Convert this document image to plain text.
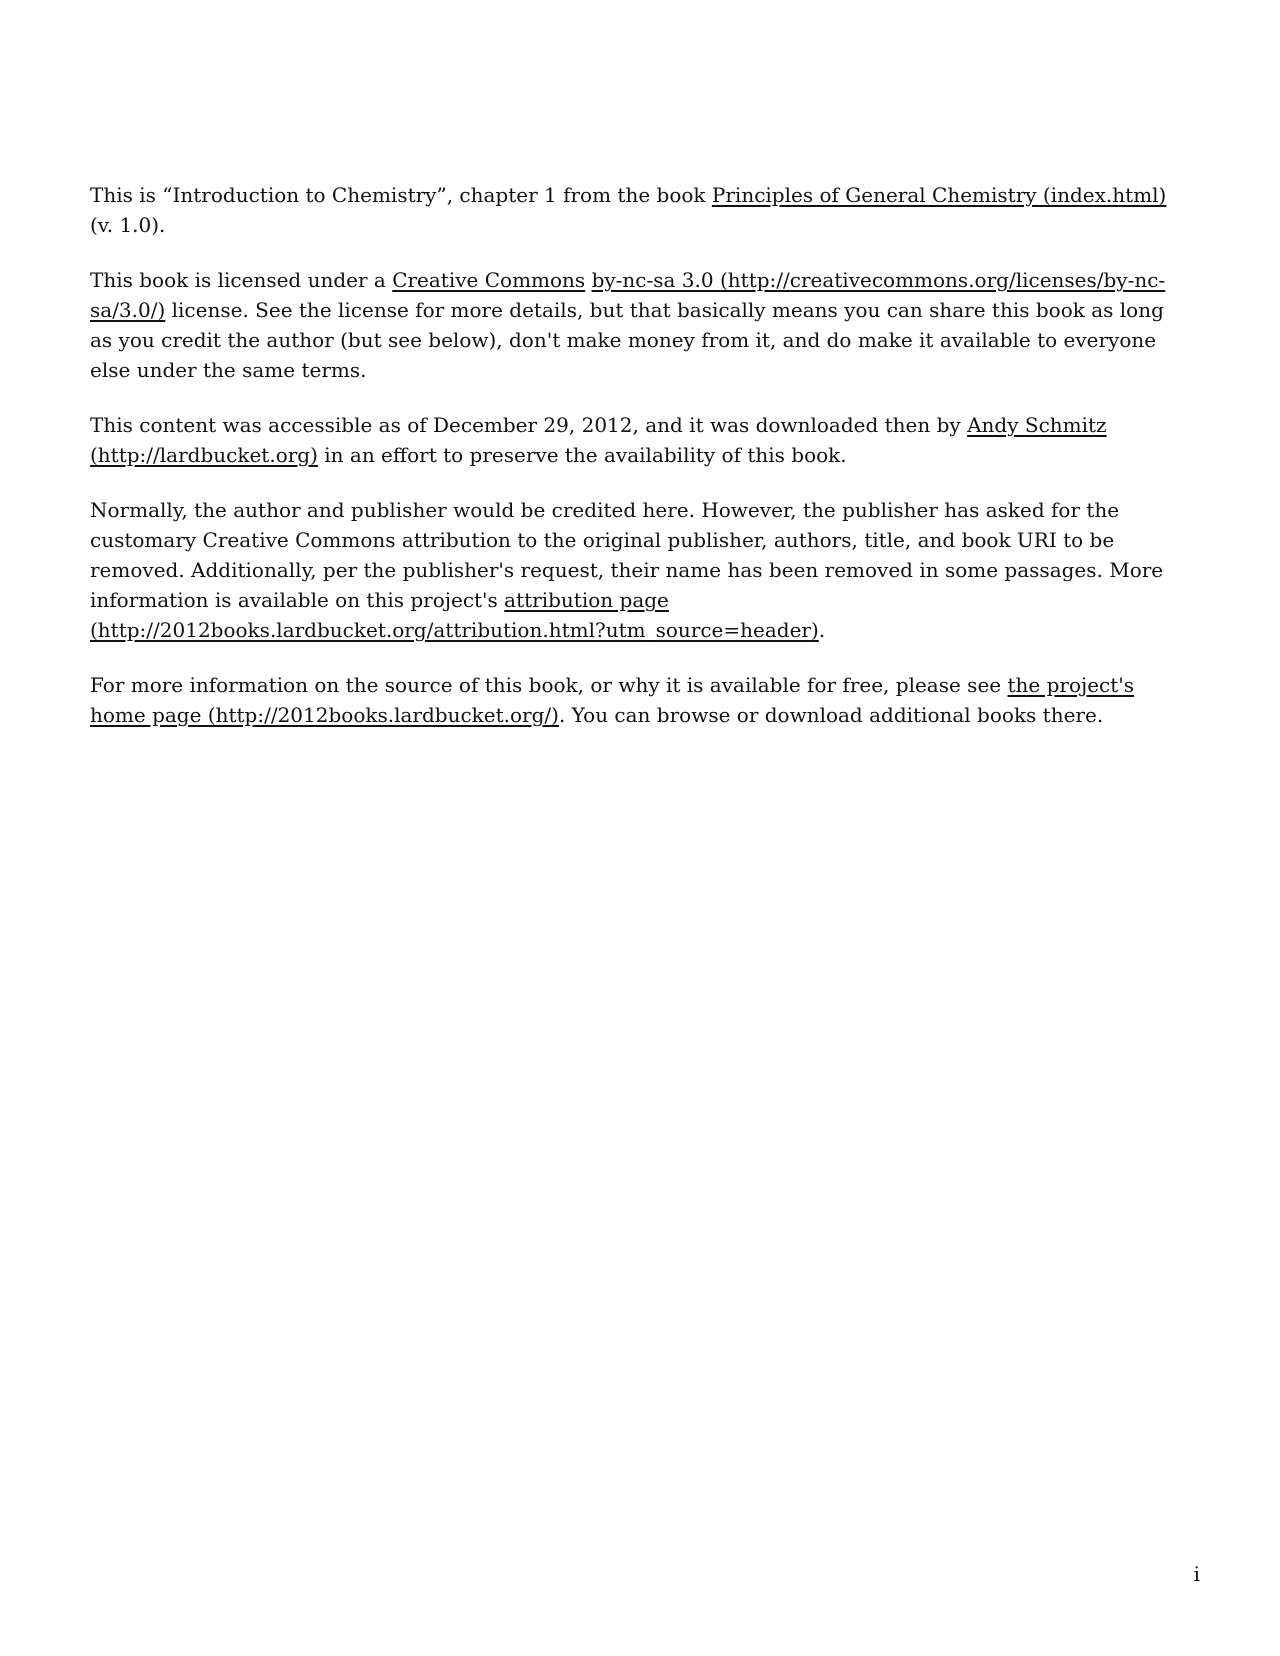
This is “Introduction to Chemistry”, chapter 1 from the book Principles of General Chemistry (index.html) (v. 1.0).

This book is licensed under a Creative Commons by-nc-sa 3.0 (http://creativecommons.org/licenses/by-nc-sa/3.0/) license. See the license for more details, but that basically means you can share this book as long as you credit the author (but see below), don't make money from it, and do make it available to everyone else under the same terms.

This content was accessible as of December 29, 2012, and it was downloaded then by Andy Schmitz (http://lardbucket.org) in an effort to preserve the availability of this book.

Normally, the author and publisher would be credited here. However, the publisher has asked for the customary Creative Commons attribution to the original publisher, authors, title, and book URI to be removed. Additionally, per the publisher's request, their name has been removed in some passages. More information is available on this project's attribution page (http://2012books.lardbucket.org/attribution.html?utm_source=header).

For more information on the source of this book, or why it is available for free, please see the project's home page (http://2012books.lardbucket.org/). You can browse or download additional books there.

i
